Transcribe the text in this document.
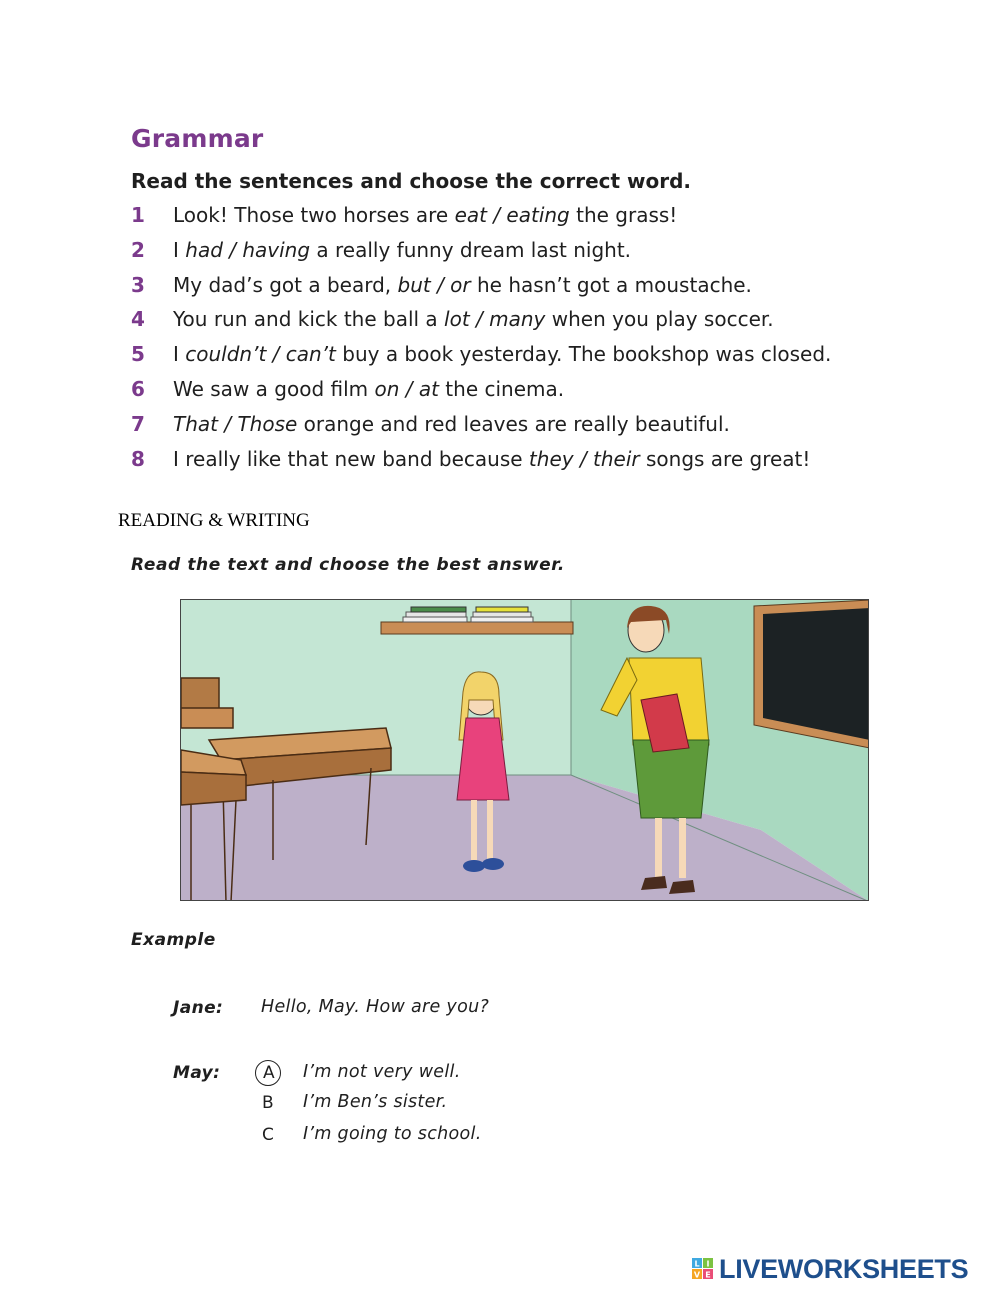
Grammar
Read the sentences and choose the correct word.
1 Look! Those two horses are eat / eating the grass!
2 I had / having a really funny dream last night.
3 My dad’s got a beard, but / or he hasn’t got a moustache.
4 You run and kick the ball a lot / many when you play soccer.
5 I couldn’t / can’t buy a book yesterday. The bookshop was closed.
6 We saw a good film on / at the cinema.
7 That / Those orange and red leaves are really beautiful.
8 I really like that new band because they / their songs are great!
READING & WRITING
Read the text and choose the best answer.
Example
Jane: Hello, May. How are you?
May:	A I’m not very well.
B I’m Ben’s sister.
C I’m going to school.
L I
V E LIVEWORKSHEETS
